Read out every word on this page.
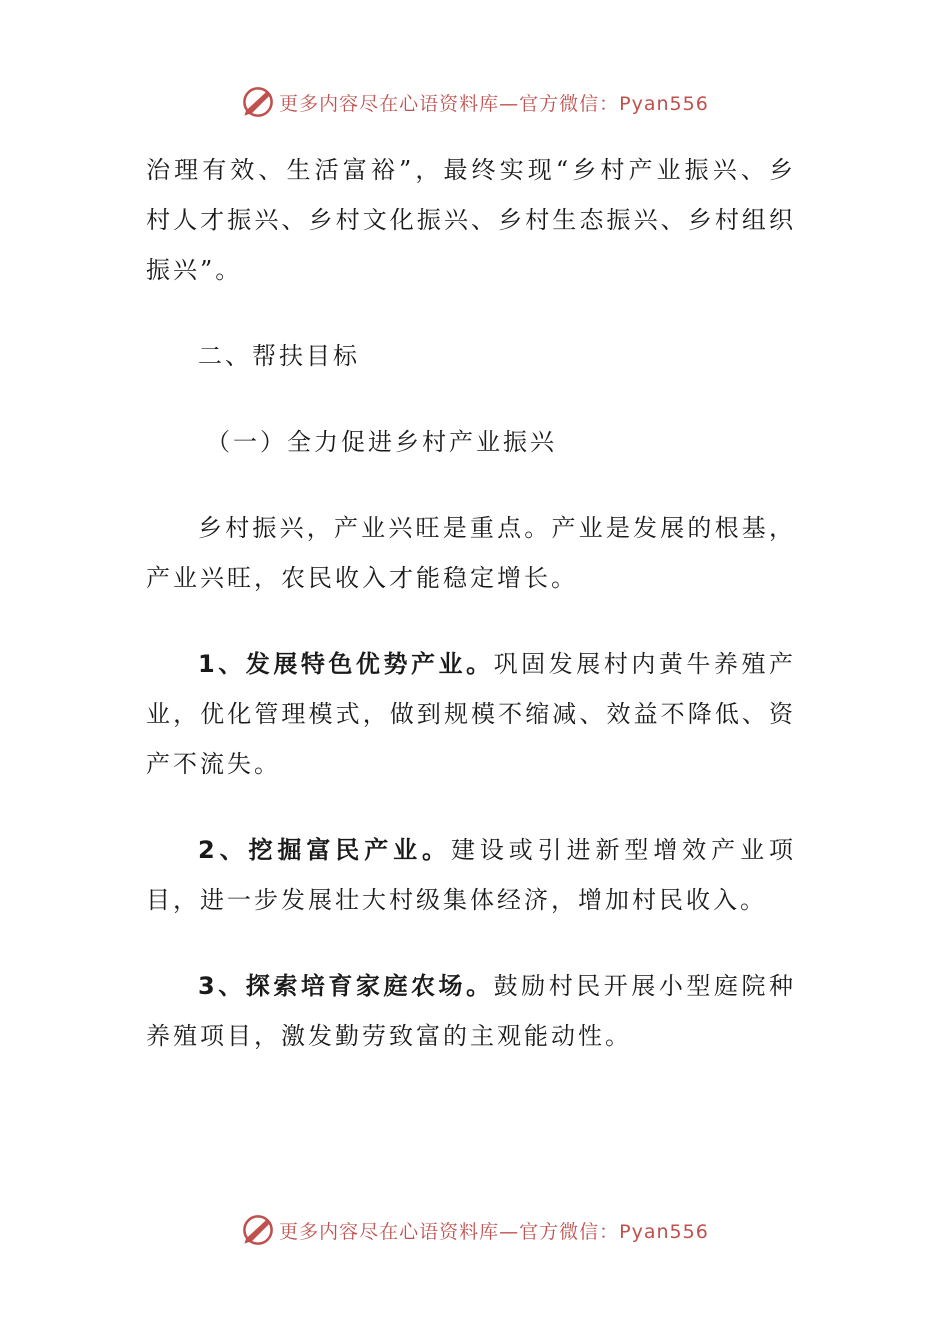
更多内容尽在心语资料库—官方微信：Pyan556

治理有效、生活富裕”，最终实现“乡村产业振兴、乡村人才振兴、乡村文化振兴、乡村生态振兴、乡村组织振兴”。

二、帮扶目标

（一）全力促进乡村产业振兴

乡村振兴，产业兴旺是重点。产业是发展的根基，产业兴旺，农民收入才能稳定增长。

1、发展特色优势产业。巩固发展村内黄牛养殖产业，优化管理模式，做到规模不缩减、效益不降低、资产不流失。

2、挖掘富民产业。建设或引进新型增效产业项目，进一步发展壮大村级集体经济，增加村民收入。

3、探索培育家庭农场。鼓励村民开展小型庭院种养殖项目，激发勤劳致富的主观能动性。

更多内容尽在心语资料库—官方微信：Pyan556
